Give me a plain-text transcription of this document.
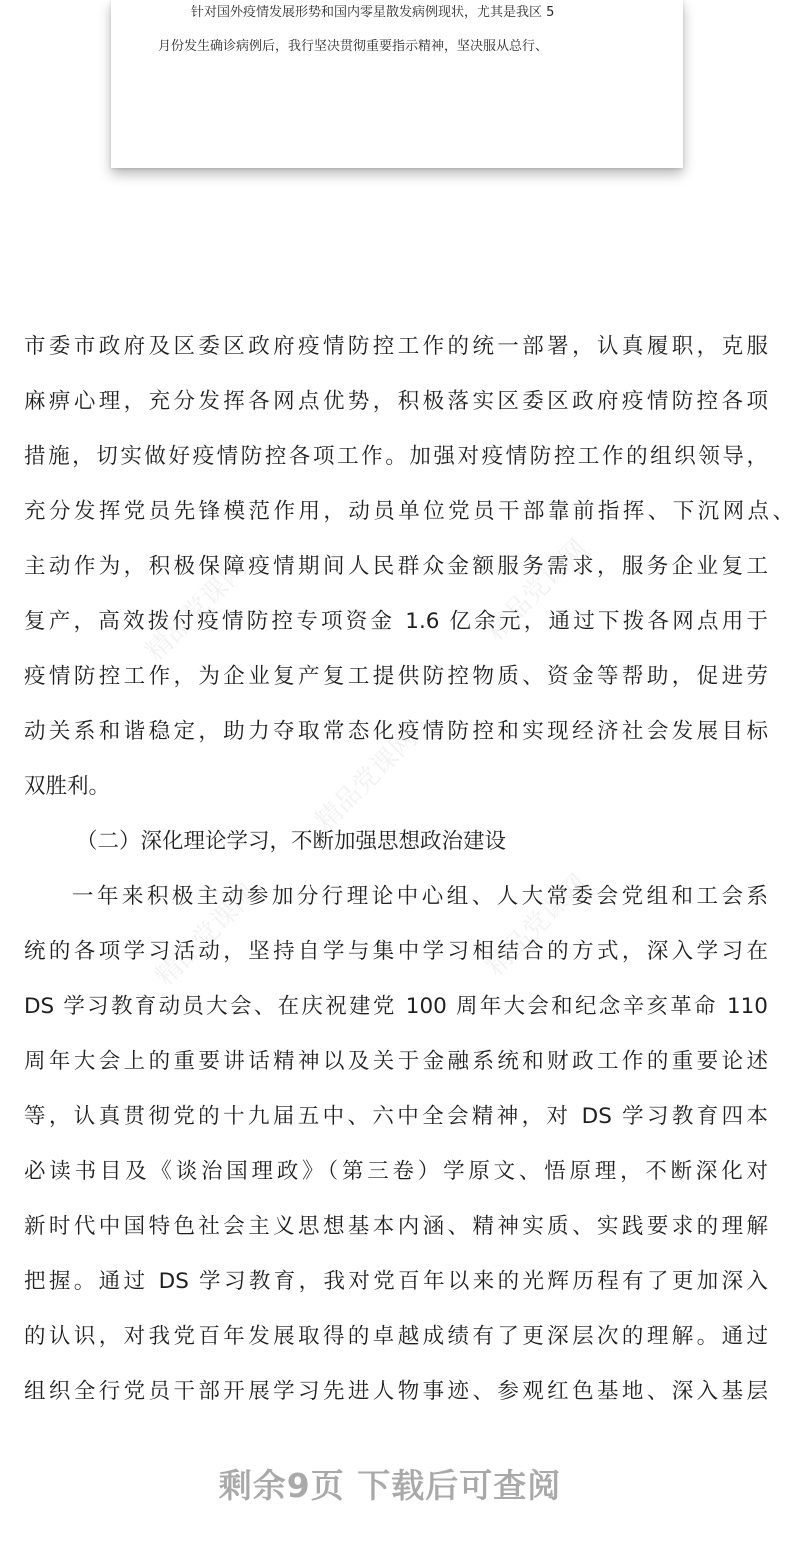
针对国外疫情发展形势和国内零星散发病例现状，尤其是我区 5
月份发生确诊病例后，我行坚决贯彻重要指示精神，坚决服从总行、
精品党课网	精品党课网
精品党课网
精品党课网	精品党课网
市委市政府及区委区政府疫情防控工作的统一部署，认真履职，克服
麻痹心理，充分发挥各网点优势，积极落实区委区政府疫情防控各项
措施，切实做好疫情防控各项工作。加强对疫情防控工作的组织领导，
充分发挥党员先锋模范作用，动员单位党员干部靠前指挥、下沉网点、
主动作为，积极保障疫情期间人民群众金额服务需求，服务企业复工
复产，高效拨付疫情防控专项资金 1.6 亿余元，通过下拨各网点用于
疫情防控工作，为企业复产复工提供防控物质、资金等帮助，促进劳
动关系和谐稳定，助力夺取常态化疫情防控和实现经济社会发展目标
双胜利。
（二）深化理论学习，不断加强思想政治建设
一年来积极主动参加分行理论中心组、人大常委会党组和工会系
统的各项学习活动，坚持自学与集中学习相结合的方式，深入学习在
DS 学习教育动员大会、在庆祝建党 100 周年大会和纪念辛亥革命 110
周年大会上的重要讲话精神以及关于金融系统和财政工作的重要论述
等，认真贯彻党的十九届五中、六中全会精神，对 DS 学习教育四本
必读书目及《谈治国理政》（第三卷）学原文、悟原理，不断深化对
新时代中国特色社会主义思想基本内涵、精神实质、实践要求的理解
把握。通过 DS 学习教育，我对党百年以来的光辉历程有了更加深入
的认识，对我党百年发展取得的卓越成绩有了更深层次的理解。通过
组织全行党员干部开展学习先进人物事迹、参观红色基地、深入基层
剩余9页 下载后可查阅
